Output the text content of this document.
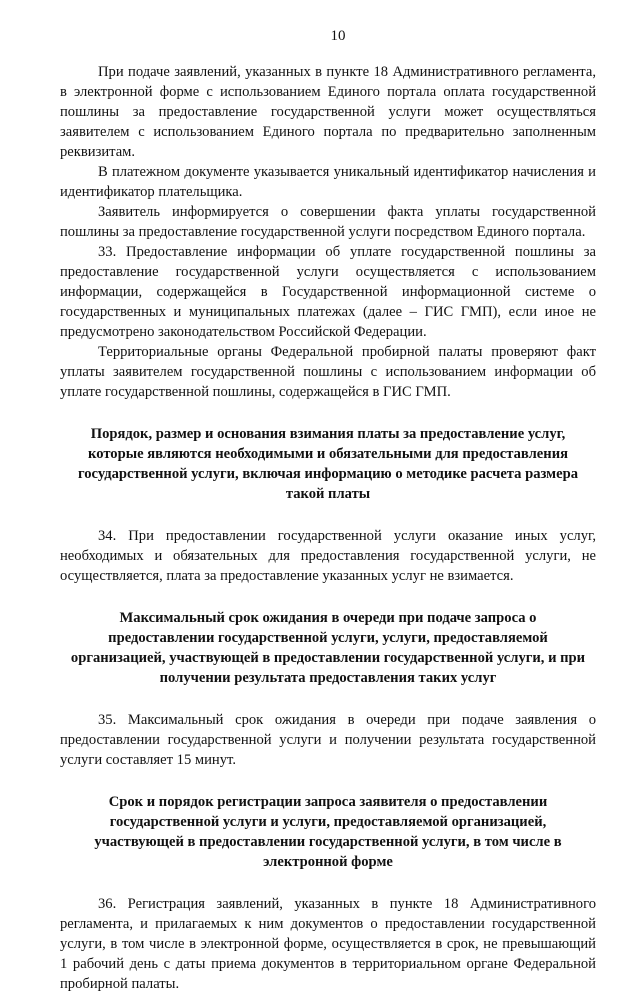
10

При подаче заявлений, указанных в пункте 18 Административного регламента, в электронной форме с использованием Единого портала оплата государственной пошлины за предоставление государственной услуги может осуществляться заявителем с использованием Единого портала по предварительно заполненным реквизитам.

В платежном документе указывается уникальный идентификатор начисления и идентификатор плательщика.

Заявитель информируется о совершении факта уплаты государственной пошлины за предоставление государственной услуги посредством Единого портала.

33. Предоставление информации об уплате государственной пошлины за предоставление государственной услуги осуществляется с использованием информации, содержащейся в Государственной информационной системе о государственных и муниципальных платежах (далее – ГИС ГМП), если иное не предусмотрено законодательством Российской Федерации.

Территориальные органы Федеральной пробирной палаты проверяют факт уплаты заявителем государственной пошлины с использованием информации об уплате государственной пошлины, содержащейся в ГИС ГМП.

Порядок, размер и основания взимания платы за предоставление услуг, которые являются необходимыми и обязательными для предоставления государственной услуги, включая информацию о методике расчета размера такой платы

34. При предоставлении государственной услуги оказание иных услуг, необходимых и обязательных для предоставления государственной услуги, не осуществляется, плата за предоставление указанных услуг не взимается.

Максимальный срок ожидания в очереди при подаче запроса о предоставлении государственной услуги, услуги, предоставляемой организацией, участвующей в предоставлении государственной услуги, и при получении результата предоставления таких услуг

35. Максимальный срок ожидания в очереди при подаче заявления о предоставлении государственной услуги и получении результата государственной услуги составляет 15 минут.

Срок и порядок регистрации запроса заявителя о предоставлении государственной услуги и услуги, предоставляемой организацией, участвующей в предоставлении государственной услуги, в том числе в электронной форме

36. Регистрация заявлений, указанных в пункте 18 Административного регламента, и прилагаемых к ним документов о предоставлении государственной услуги, в том числе в электронной форме, осуществляется в срок, не превышающий 1 рабочий день с даты приема документов в территориальном органе Федеральной пробирной палаты.
